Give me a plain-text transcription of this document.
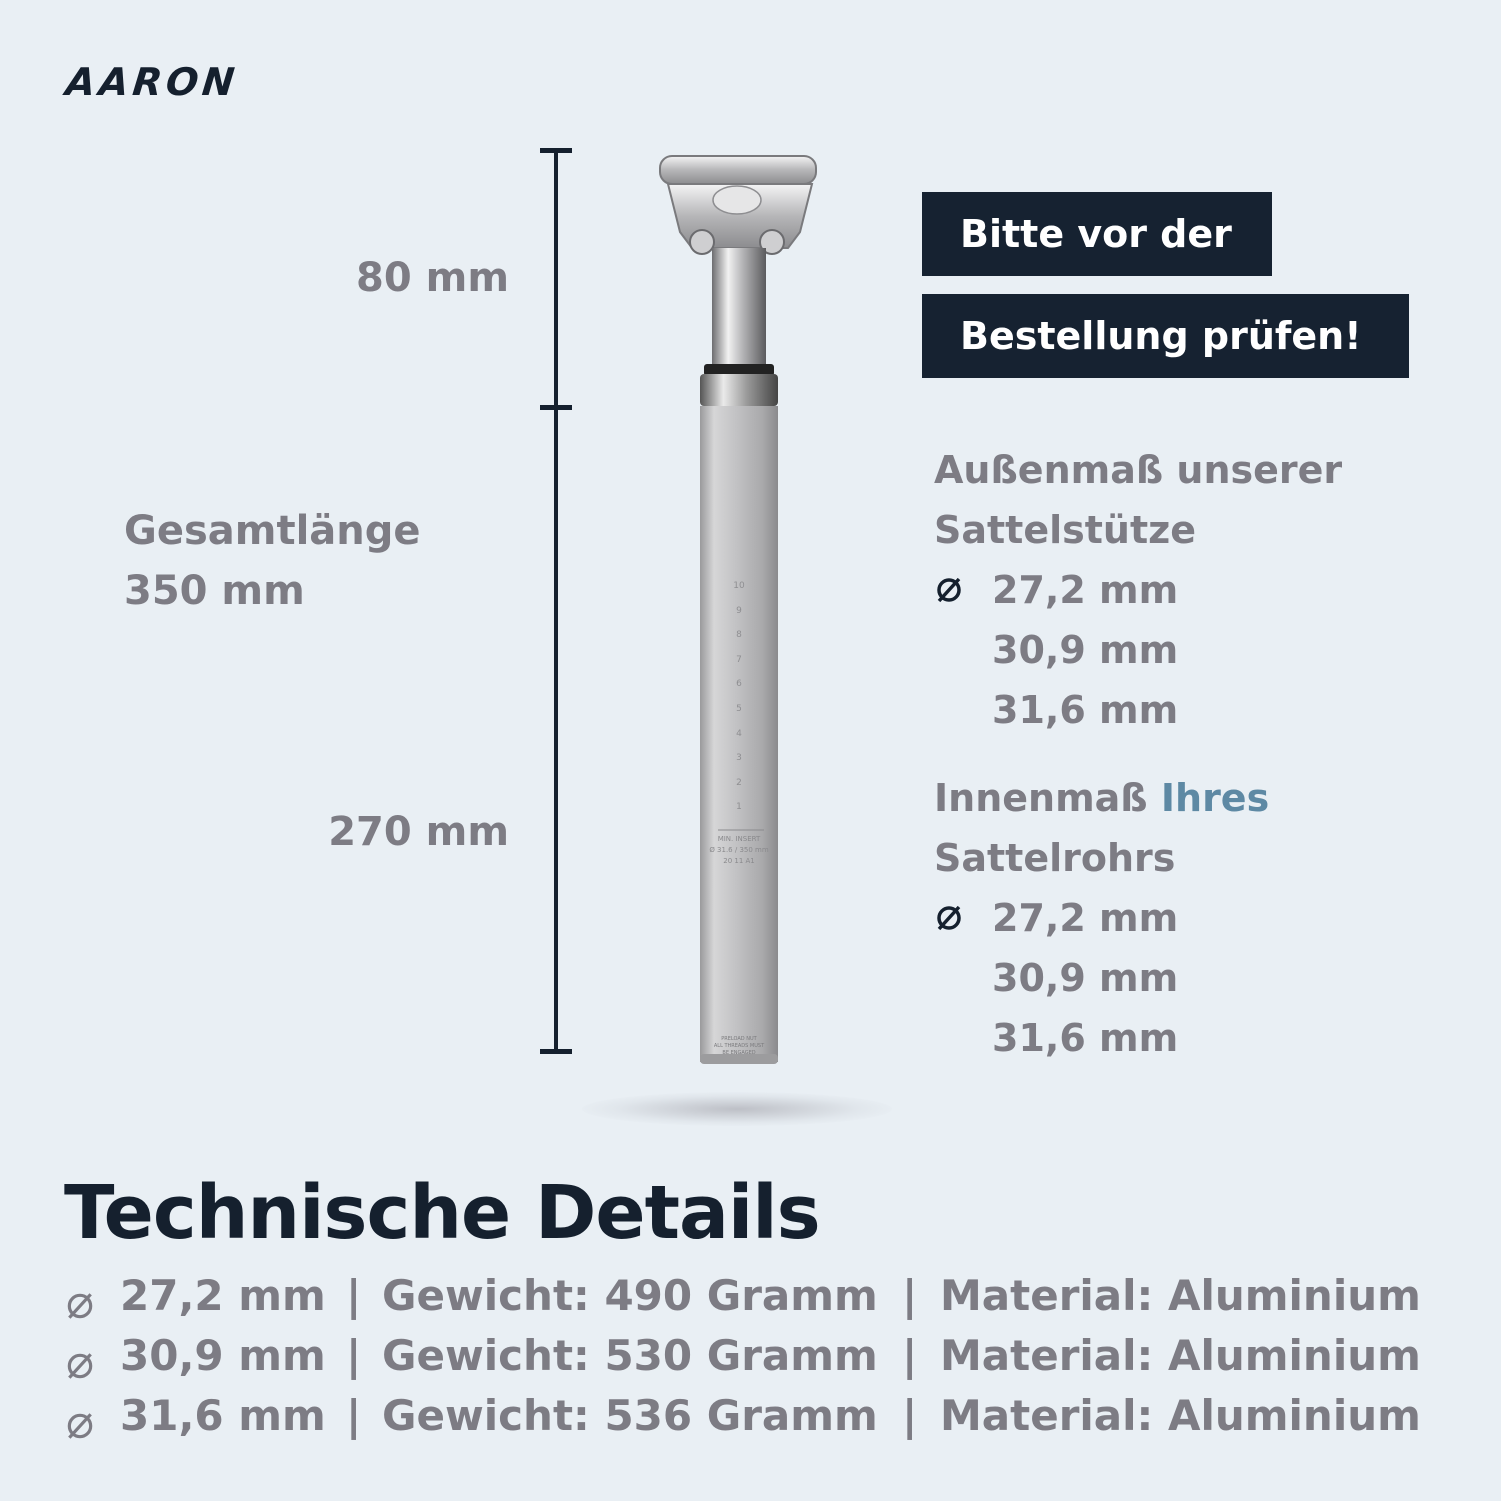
AARON
80 mm
Gesamtlänge
350 mm
270 mm
10
9
8
7
6
5
4
3
2
1
MIN. INSERT
Ø 31.6 / 350 mm
20 11 A1
PRELOAD NUT
ALL THREADS MUST
BE ENGAGED
Bitte vor der
Bestellung prüfen!
Außenmaß unserer
Sattelstütze
27,2 mm
30,9 mm
31,6 mm
Innenmaß Ihres
Sattelrohrs
27,2 mm
30,9 mm
31,6 mm
Technische Details
27,2 mm | Gewicht: 490 Gramm | Material: Aluminium
30,9 mm | Gewicht: 530 Gramm | Material: Aluminium
31,6 mm | Gewicht: 536 Gramm | Material: Aluminium
